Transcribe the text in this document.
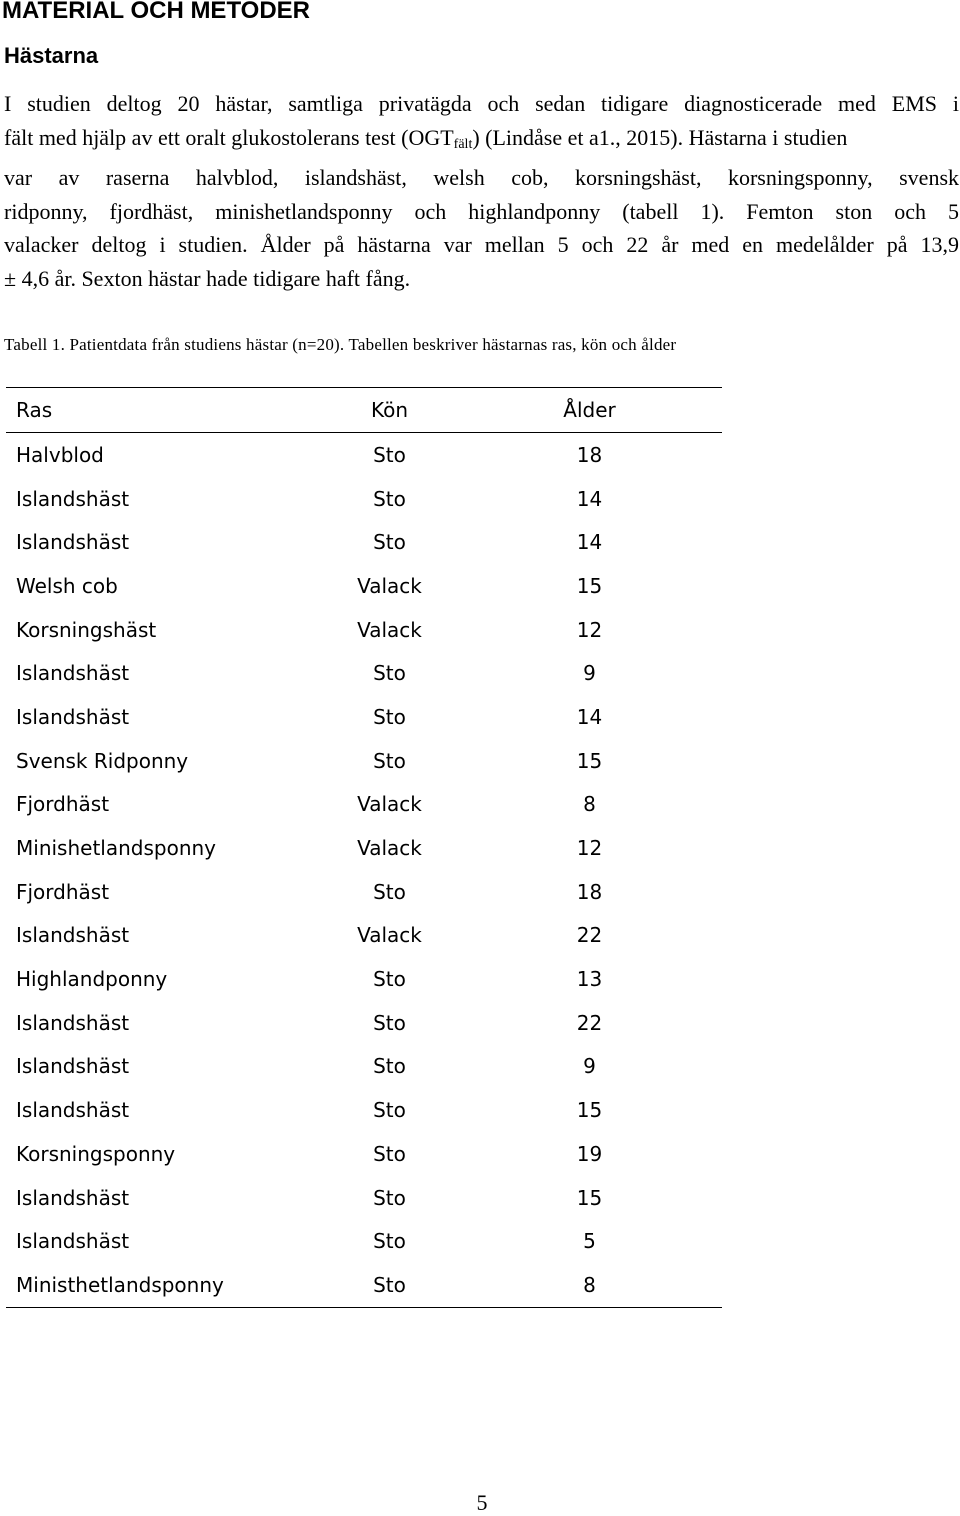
MATERIAL OCH METODER
Hästarna
I studien deltog 20 hästar, samtliga privatägda och sedan tidigare diagnosticerade med EMS i
fält med hjälp av ett oralt glukostolerans test $(OGT_{fält})$ (Lindåse et a1., 2015). Hästarna i studien
var av raserna halvblod, islandshäst, welsh cob, korsningshäst, korsningsponny, svensk
ridponny, fjordhäst, minishetlandsponny och highlandponny (tabell 1). Femton ston och 5
valacker deltog i studien. Ålder på hästarna var mellan 5 och 22 år med en medelålder på 13,9
± 4,6 år. Sexton hästar hade tidigare haft fång.
Tabell 1. Patientdata från studiens hästar (n=20). Tabellen beskriver hästarnas ras, kön och ålder
Ras	Kön	Ålder
Halvblod	Sto	18
Islandshäst	Sto	14
Islandshäst	Sto	14
Welsh cob	Valack	15
Korsningshäst	Valack	12
Islandshäst	Sto	9
Islandshäst	Sto	14
Svensk Ridponny	Sto	15
Fjordhäst	Valack	8
Minishetlandsponny	Valack	12
Fjordhäst	Sto	18
Islandshäst	Valack	22
Highlandponny	Sto	13
Islandshäst	Sto	22
Islandshäst	Sto	9
Islandshäst	Sto	15
Korsningsponny	Sto	19
Islandshäst	Sto	15
Islandshäst	Sto	5
Ministhetlandsponny	Sto	8
5
